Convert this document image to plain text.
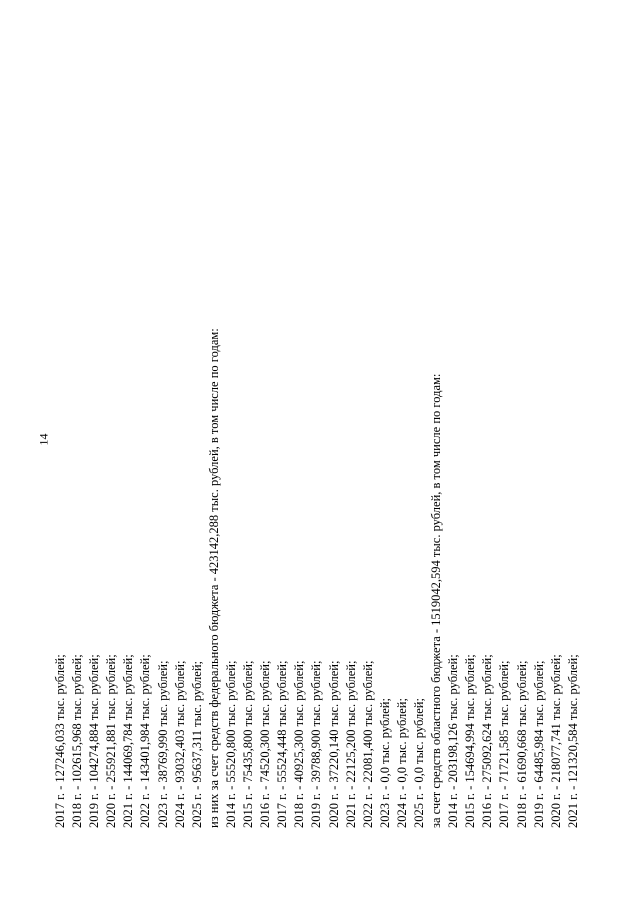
14
2017 г. - 127246,033 тыс. рублей; 2018 г. - 102615,968 тыс. рублей; 2019 г. - 104274,884 тыс. рублей; 2020 г. - 255921,881 тыс. рублей; 2021 г. - 144069,784 тыс. рублей; 2022 г. - 143401,984 тыс. рублей; 2023 г. - 38769,990 тыс. рублей; 2024 г. - 93032,403 тыс. рублей; 2025 г. - 95637,311 тыс. рублей; из них за счет средств федерального бюджета - 423142,288 тыс. рублей, в том числе по годам: 2014 г. - 55520,800 тыс. рублей; 2015 г. - 75435,800 тыс. рублей; 2016 г. - 74520,300 тыс. рублей; 2017 г. - 55524,448 тыс. рублей; 2018 г. - 40925,300 тыс. рублей; 2019 г. - 39788,900 тыс. рублей; 2020 г. - 37220,140 тыс. рублей; 2021 г. - 22125,200 тыс. рублей; 2022 г. - 22081,400 тыс. рублей; 2023 г. - 0,0 тыс. рублей; 2024 г. - 0,0 тыс. рублей; 2025 г. - 0,0 тыс. рублей; за счет средств областного бюджета - 1519042,594 тыс. рублей, в том числе по годам: 2014 г. - 203198,126 тыс. рублей; 2015 г. - 154694,994 тыс. рублей; 2016 г. - 275092,624 тыс. рублей; 2017 г. - 71721,585 тыс. рублей; 2018 г. - 61690,668 тыс. рублей; 2019 г. - 64485,984 тыс. рублей; 2020 г. - 218077,741 тыс. рублей; 2021 г. - 121320,584 тыс. рублей;
